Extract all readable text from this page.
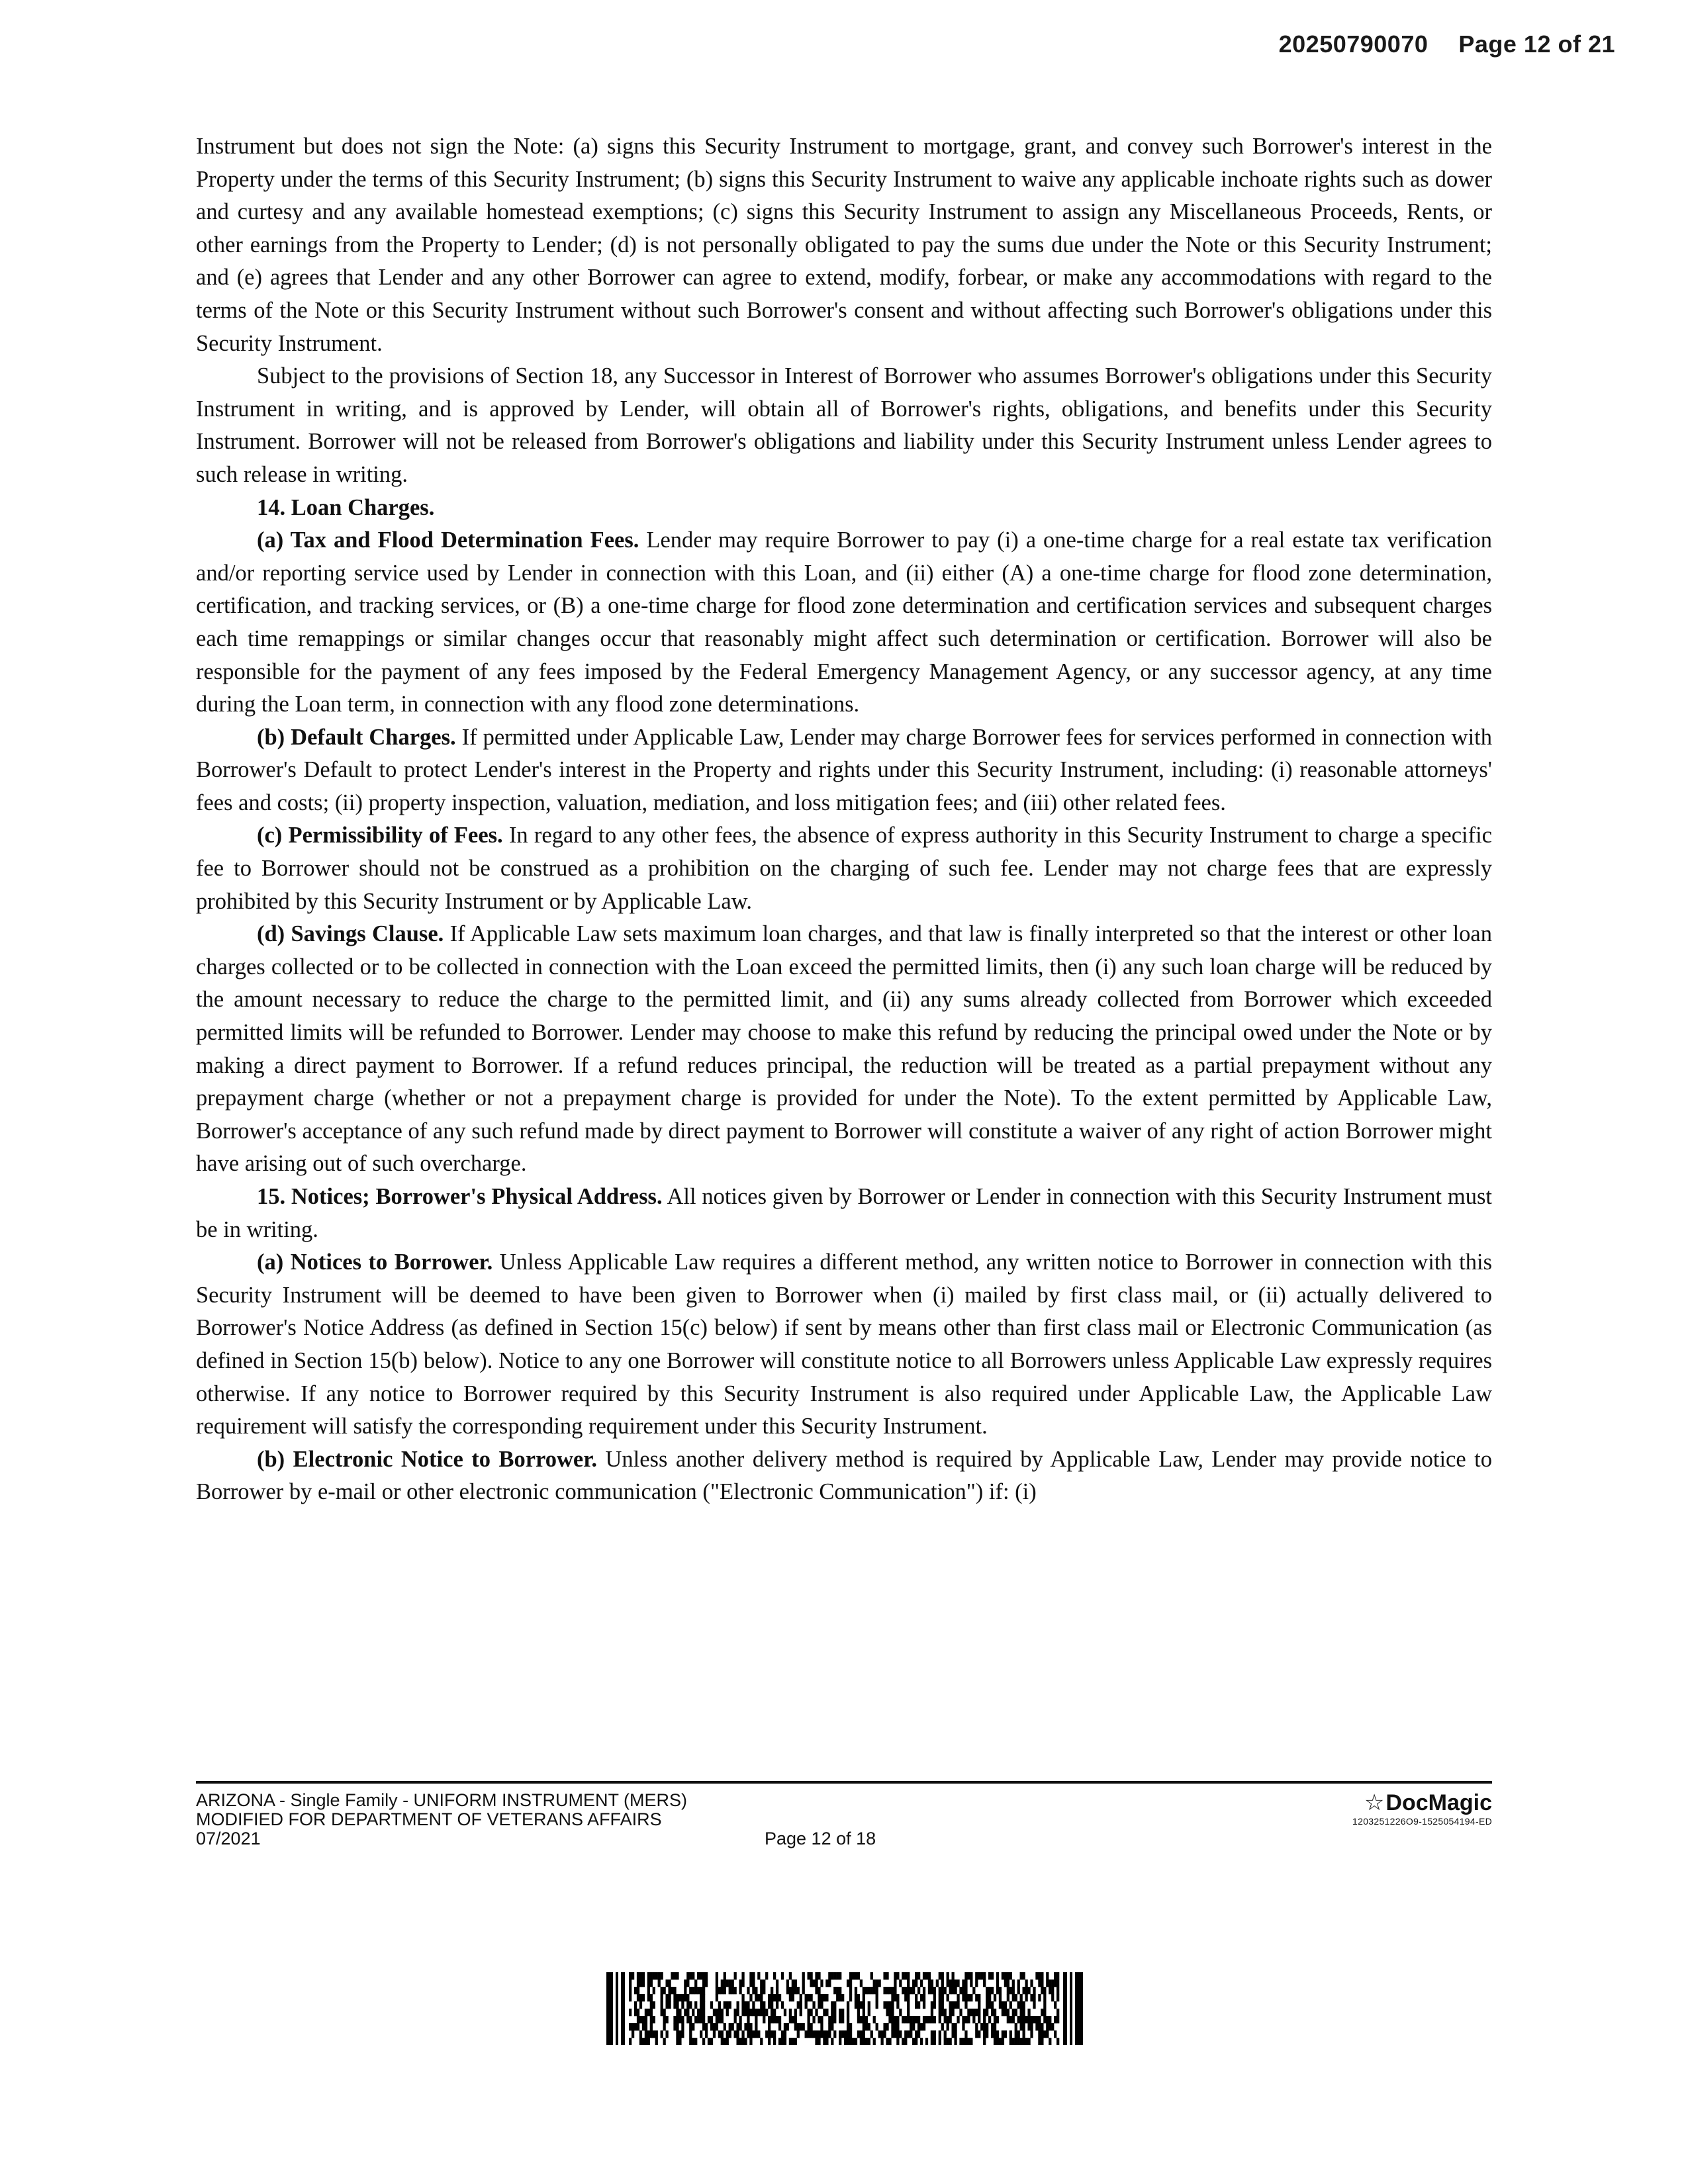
20250790070 Page 12 of 21

Instrument but does not sign the Note: (a) signs this Security Instrument to mortgage, grant, and convey such Borrower's interest in the Property under the terms of this Security Instrument; (b) signs this Security Instrument to waive any applicable inchoate rights such as dower and curtesy and any available homestead exemptions; (c) signs this Security Instrument to assign any Miscellaneous Proceeds, Rents, or other earnings from the Property to Lender; (d) is not personally obligated to pay the sums due under the Note or this Security Instrument; and (e) agrees that Lender and any other Borrower can agree to extend, modify, forbear, or make any accommodations with regard to the terms of the Note or this Security Instrument without such Borrower's consent and without affecting such Borrower's obligations under this Security Instrument.

Subject to the provisions of Section 18, any Successor in Interest of Borrower who assumes Borrower's obligations under this Security Instrument in writing, and is approved by Lender, will obtain all of Borrower's rights, obligations, and benefits under this Security Instrument. Borrower will not be released from Borrower's obligations and liability under this Security Instrument unless Lender agrees to such release in writing.

14. Loan Charges.

(a) Tax and Flood Determination Fees. Lender may require Borrower to pay (i) a one-time charge for a real estate tax verification and/or reporting service used by Lender in connection with this Loan, and (ii) either (A) a one-time charge for flood zone determination, certification, and tracking services, or (B) a one-time charge for flood zone determination and certification services and subsequent charges each time remappings or similar changes occur that reasonably might affect such determination or certification. Borrower will also be responsible for the payment of any fees imposed by the Federal Emergency Management Agency, or any successor agency, at any time during the Loan term, in connection with any flood zone determinations.

(b) Default Charges. If permitted under Applicable Law, Lender may charge Borrower fees for services performed in connection with Borrower's Default to protect Lender's interest in the Property and rights under this Security Instrument, including: (i) reasonable attorneys' fees and costs; (ii) property inspection, valuation, mediation, and loss mitigation fees; and (iii) other related fees.

(c) Permissibility of Fees. In regard to any other fees, the absence of express authority in this Security Instrument to charge a specific fee to Borrower should not be construed as a prohibition on the charging of such fee. Lender may not charge fees that are expressly prohibited by this Security Instrument or by Applicable Law.

(d) Savings Clause. If Applicable Law sets maximum loan charges, and that law is finally interpreted so that the interest or other loan charges collected or to be collected in connection with the Loan exceed the permitted limits, then (i) any such loan charge will be reduced by the amount necessary to reduce the charge to the permitted limit, and (ii) any sums already collected from Borrower which exceeded permitted limits will be refunded to Borrower. Lender may choose to make this refund by reducing the principal owed under the Note or by making a direct payment to Borrower. If a refund reduces principal, the reduction will be treated as a partial prepayment without any prepayment charge (whether or not a prepayment charge is provided for under the Note). To the extent permitted by Applicable Law, Borrower's acceptance of any such refund made by direct payment to Borrower will constitute a waiver of any right of action Borrower might have arising out of such overcharge.

15. Notices; Borrower's Physical Address. All notices given by Borrower or Lender in connection with this Security Instrument must be in writing.

(a) Notices to Borrower. Unless Applicable Law requires a different method, any written notice to Borrower in connection with this Security Instrument will be deemed to have been given to Borrower when (i) mailed by first class mail, or (ii) actually delivered to Borrower's Notice Address (as defined in Section 15(c) below) if sent by means other than first class mail or Electronic Communication (as defined in Section 15(b) below). Notice to any one Borrower will constitute notice to all Borrowers unless Applicable Law expressly requires otherwise. If any notice to Borrower required by this Security Instrument is also required under Applicable Law, the Applicable Law requirement will satisfy the corresponding requirement under this Security Instrument.

(b) Electronic Notice to Borrower. Unless another delivery method is required by Applicable Law, Lender may provide notice to Borrower by e-mail or other electronic communication ("Electronic Communication") if: (i)

ARIZONA - Single Family - UNIFORM INSTRUMENT (MERS)
MODIFIED FOR DEPARTMENT OF VETERANS AFFAIRS
07/2021	Page 12 of 18
☆DocMagic
1203251226O9-1525054194-ED
